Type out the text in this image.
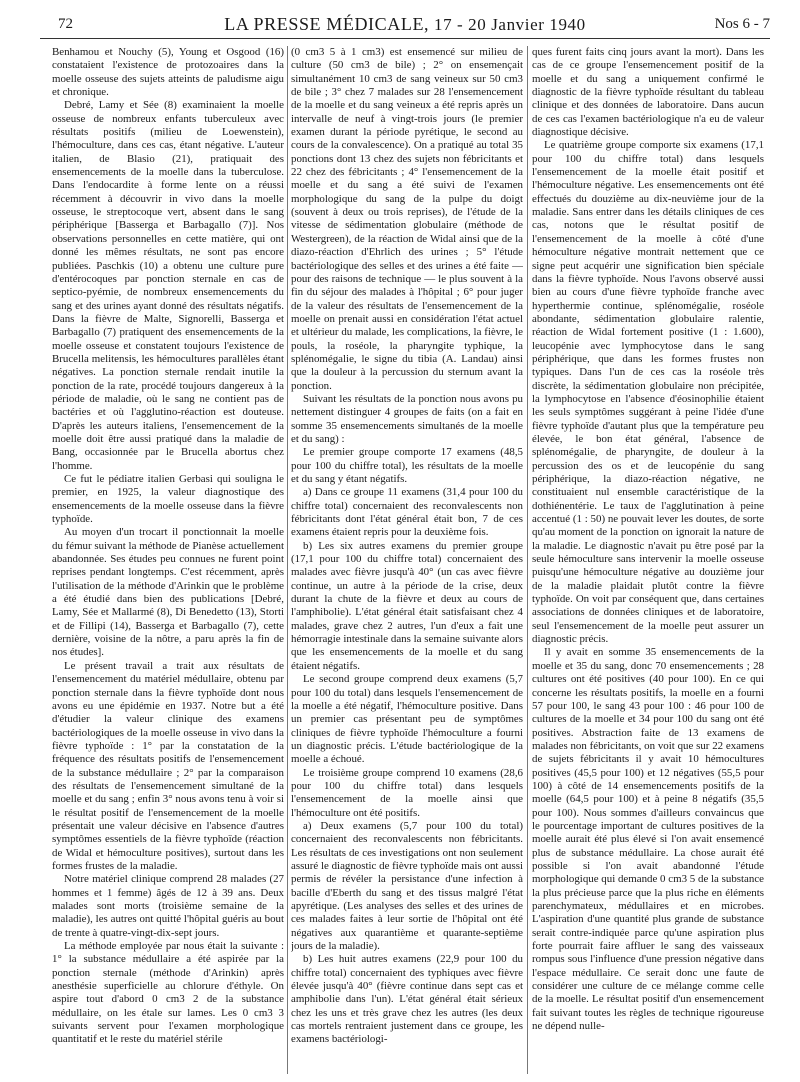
72	LA PRESSE MÉDICALE, 17 - 20 Janvier 1940	Nos 6 - 7

Benhamou et Nouchy (5), Young et Osgood (16) constataient l'existence de protozoaires dans la moelle osseuse des sujets atteints de paludisme aigu et chronique.

Debré, Lamy et Sée (8) examinaient la moelle osseuse de nombreux enfants tuberculeux avec résultats positifs (milieu de Loewenstein), l'hémoculture, dans ces cas, étant négative. L'auteur italien, de Blasio (21), pratiquait des ensemencements de la moelle dans la tuberculose. Dans l'endocardite à forme lente on a réussi récemment à découvrir in vivo dans la moelle osseuse, le streptocoque vert, absent dans le sang périphérique [Basserga et Barbagallo (7)]. Nos observations personnelles en cette matière, qui ont donné les mêmes résultats, ne sont pas encore publiées. Paschkis (10) a obtenu une culture pure d'entérocoques par ponction sternale en cas de septico-pyémie, de nombreux ensemencements du sang et des urines ayant donné des résultats négatifs. Dans la fièvre de Malte, Signorelli, Basserga et Barbagallo (7) pratiquent des ensemencements de la moelle osseuse et constatent toujours l'existence de Brucella melitensis, les hémocultures parallèles étant négatives. La ponction sternale rendait inutile la ponction de la rate, procédé toujours dangereux à la période de maladie, où le sang ne contient pas de bactéries et où l'agglutino-réaction est douteuse. D'après les auteurs italiens, l'ensemencement de la moelle doit être aussi pratiqué dans la maladie de Bang, occasionnée par le Brucella abortus chez l'homme.

Ce fut le pédiatre italien Gerbasi qui souligna le premier, en 1925, la valeur diagnostique des ensemencements de la moelle osseuse dans la fièvre typhoïde.

Au moyen d'un trocart il ponctionnait la moelle du fémur suivant la méthode de Pianèse actuellement abandonnée. Ses études peu connues ne furent point reprises pendant longtemps. C'est récemment, après l'utilisation de la méthode d'Arinkin que le problème a été étudié dans bien des publications [Debré, Lamy, Sée et Mallarmé (8), Di Benedetto (13), Storti et de Fillipi (14), Basserga et Barbagallo (7), cette dernière, voisine de la nôtre, a paru après la fin de nos études].

Le présent travail a trait aux résultats de l'ensemencement du matériel médullaire, obtenu par ponction sternale dans la fièvre typhoïde dont nous avons eu une épidémie en 1937. Notre but a été d'étudier la valeur clinique des examens bactériologiques de la moelle osseuse in vivo dans la fièvre typhoïde : 1° par la constatation de la fréquence des résultats positifs de l'ensemencement de la substance médullaire ; 2° par la comparaison des résultats de l'ensemencement simultané de la moelle et du sang ; enfin 3° nous avons tenu à voir si le résultat positif de l'ensemencement de la moelle présentait une valeur décisive en l'absence d'autres symptômes essentiels de la fièvre typhoïde (réaction de Widal et hémoculture positives), surtout dans les formes frustes de la maladie.

Notre matériel clinique comprend 28 malades (27 hommes et 1 femme) âgés de 12 à 39 ans. Deux malades sont morts (troisième semaine de la maladie), les autres ont quitté l'hôpital guéris au bout de trente à quatre-vingt-dix-sept jours.

La méthode employée par nous était la suivante : 1° la substance médullaire a été aspirée par la ponction sternale (méthode d'Arinkin) après anesthésie superficielle au chlorure d'éthyle. On aspire tout d'abord 0 cm3 2 de la substance médullaire, on les étale sur lames. Les 0 cm3 3 suivants servent pour l'examen morphologique quantitatif et le reste du matériel stérile

(0 cm3 5 à 1 cm3) est ensemencé sur milieu de culture (50 cm3 de bile) ; 2° on ensemençait simultanément 10 cm3 de sang veineux sur 50 cm3 de bile ; 3° chez 7 malades sur 28 l'ensemencement de la moelle et du sang veineux a été repris après un intervalle de neuf à vingt-trois jours (le premier examen durant la période pyrétique, le second au cours de la convalescence). On a pratiqué au total 35 ponctions dont 13 chez des sujets non fébricitants et 22 chez des fébricitants ; 4° l'ensemencement de la moelle et du sang a été suivi de l'examen morphologique du sang de la pulpe du doigt (souvent à deux ou trois reprises), de l'étude de la vitesse de sédimentation globulaire (méthode de Westergreen), de la réaction de Widal ainsi que de la diazo-réaction d'Ehrlich des urines ; 5° l'étude bactériologique des selles et des urines a été faite — pour des raisons de technique — le plus souvent à la fin du séjour des malades à l'hôpital ; 6° pour juger de la valeur des résultats de l'ensemencement de la moelle on prenait aussi en considération l'état actuel et ultérieur du malade, les complications, la fièvre, le pouls, la roséole, la pharyngite typhique, la splénomégalie, le signe du tibia (A. Landau) ainsi que la douleur à la percussion du sternum avant la ponction.

Suivant les résultats de la ponction nous avons pu nettement distinguer 4 groupes de faits (on a fait en somme 35 ensemencements simultanés de la moelle et du sang) :

Le premier groupe comporte 17 examens (48,5 pour 100 du chiffre total), les résultats de la moelle et du sang y étant négatifs.

a) Dans ce groupe 11 examens (31,4 pour 100 du chiffre total) concernaient des reconvalescents non fébricitants dont l'état général était bon, 7 de ces examens étaient repris pour la deuxième fois.

b) Les six autres examens du premier groupe (17,1 pour 100 du chiffre total) concernaient des malades avec fièvre jusqu'à 40° (un cas avec fièvre continue, un autre à la période de la crise, deux durant la chute de la fièvre et deux au cours de l'amphibolie). L'état général était satisfaisant chez 4 malades, grave chez 2 autres, l'un d'eux a fait une hémorragie intestinale dans la semaine suivante alors que les ensemencements de la moelle et du sang étaient négatifs.

Le second groupe comprend deux examens (5,7 pour 100 du total) dans lesquels l'ensemencement de la moelle a été négatif, l'hémoculture positive. Dans un premier cas présentant peu de symptômes cliniques de fièvre typhoïde l'hémoculture a fourni un diagnostic précis. L'étude bactériologique de la moelle a échoué.

Le troisième groupe comprend 10 examens (28,6 pour 100 du chiffre total) dans lesquels l'ensemencement de la moelle ainsi que l'hémoculture ont été positifs.

a) Deux examens (5,7 pour 100 du total) concernaient des reconvalescents non fébricitants. Les résultats de ces investigations ont non seulement assuré le diagnostic de fièvre typhoïde mais ont aussi permis de révéler la persistance d'une infection à bacille d'Eberth du sang et des tissus malgré l'état apyrétique. (Les analyses des selles et des urines de ces malades faites à leur sortie de l'hôpital ont été négatives aux quarantième et quarante-septième jours de la maladie).

b) Les huit autres examens (22,9 pour 100 du chiffre total) concernaient des typhiques avec fièvre élevée jusqu'à 40° (fièvre continue dans sept cas et amphibolie dans l'un). L'état général était sérieux chez les uns et très grave chez les autres (les deux cas mortels rentraient justement dans ce groupe, les examens bactériologi-

ques furent faits cinq jours avant la mort). Dans les cas de ce groupe l'ensemencement positif de la moelle et du sang a uniquement confirmé le diagnostic de la fièvre typhoïde résultant du tableau clinique et des données de laboratoire. Dans aucun de ces cas l'examen bactériologique n'a eu de valeur diagnostique décisive.

Le quatrième groupe comporte six examens (17,1 pour 100 du chiffre total) dans lesquels l'ensemencement de la moelle était positif et l'hémoculture négative. Les ensemencements ont été effectués du douzième au dix-neuvième jour de la maladie. Sans entrer dans les détails cliniques de ces cas, notons que le résultat positif de l'ensemencement de la moelle à côté d'une hémoculture négative montrait nettement que ce signe peut acquérir une signification bien spéciale dans la fièvre typhoïde. Nous l'avons observé aussi bien au cours d'une fièvre typhoïde franche avec hyperthermie continue, splénomégalie, roséole abondante, sédimentation globulaire ralentie, réaction de Widal fortement positive (1 : 1.600), leucopénie avec lymphocytose dans le sang périphérique, que dans les formes frustes non typiques. Dans l'un de ces cas la roséole très discrète, la sédimentation globulaire non précipitée, la lymphocytose en l'absence d'éosinophilie étaient les seuls symptômes suggérant à peine l'idée d'une fièvre typhoïde d'autant plus que la température peu élevée, le bon état général, l'absence de splénomégalie, de pharyngite, de douleur à la percussion des os et de leucopénie du sang périphérique, la diazo-réaction négative, ne constituaient nul ensemble caractéristique de la dothiénentérie. Le taux de l'agglutination à peine accentué (1 : 50) ne pouvait lever les doutes, de sorte qu'au moment de la ponction on ignorait la nature de la maladie. Le diagnostic n'avait pu être posé par la seule hémoculture sans intervenir la moelle osseuse puisqu'une hémoculture négative au douzième jour de la maladie plaidait plutôt contre la fièvre typhoïde. On voit par conséquent que, dans certaines associations de données cliniques et de laboratoire, seul l'ensemencement de la moelle peut assurer un diagnostic précis.

Il y avait en somme 35 ensemencements de la moelle et 35 du sang, donc 70 ensemencements ; 28 cultures ont été positives (40 pour 100). En ce qui concerne les résultats positifs, la moelle en a fourni 57 pour 100, le sang 43 pour 100 : 46 pour 100 de cultures de la moelle et 34 pour 100 du sang ont été positives. Abstraction faite de 13 examens de malades non fébricitants, on voit que sur 22 examens de sujets fébricitants il y avait 10 hémocultures positives (45,5 pour 100) et 12 négatives (55,5 pour 100) à côté de 14 ensemencements positifs de la moelle (64,5 pour 100) et à peine 8 négatifs (35,5 pour 100). Nous sommes d'ailleurs convaincus que le pourcentage important de cultures positives de la moelle aurait été plus élevé si l'on avait ensemencé plus de substance médullaire. La chose aurait été possible si l'on avait abandonné l'étude morphologique qui demande 0 cm3 5 de la substance la plus précieuse parce que la plus riche en éléments parenchymateux, médullaires et en microbes. L'aspiration d'une quantité plus grande de substance serait contre-indiquée parce qu'une aspiration plus forte pourrait faire affluer le sang des vaisseaux rompus sous l'influence d'une pression négative dans l'espace médullaire. Ce serait donc une faute de considérer une culture de ce mélange comme celle de la moelle. Le résultat positif d'un ensemencement fait suivant toutes les règles de technique rigoureuse ne dépend nulle-
